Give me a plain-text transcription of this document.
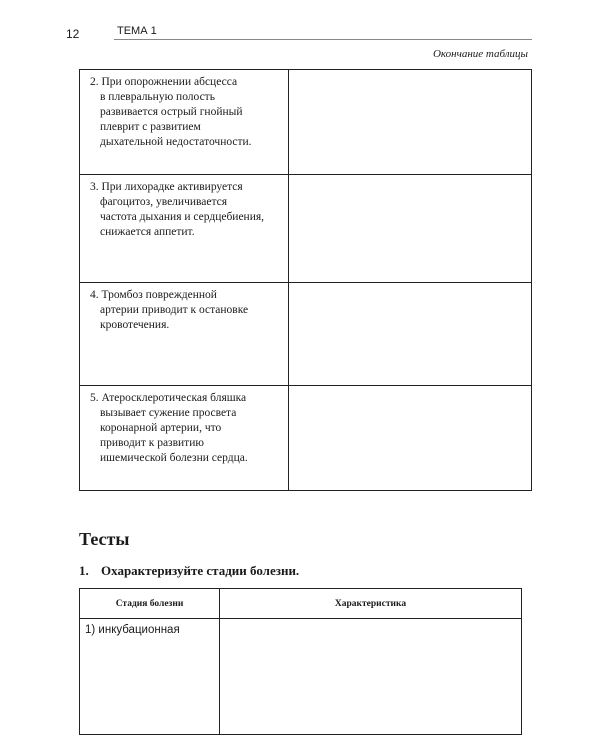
12	ТЕМА 1
Окончание таблицы
2. При опорожнении абсцесса
в плевральную полость
развивается острый гнойный
плеврит с развитием
дыхательной недостаточности.	

3. При лихорадке активируется
фагоцитоз, увеличивается
частота дыхания и сердцебиения,
снижается аппетит.	

4. Тромбоз поврежденной
артерии приводит к остановке
кровотечения.	

5. Атеросклеротическая бляшка
вызывает сужение просвета
коронарной артерии, что
приводит к развитию
ишемической болезни сердца.	

Тесты
1. Охарактеризуйте стадии болезни.
Стадия болезни	Характеристика
1) инкубационная	
